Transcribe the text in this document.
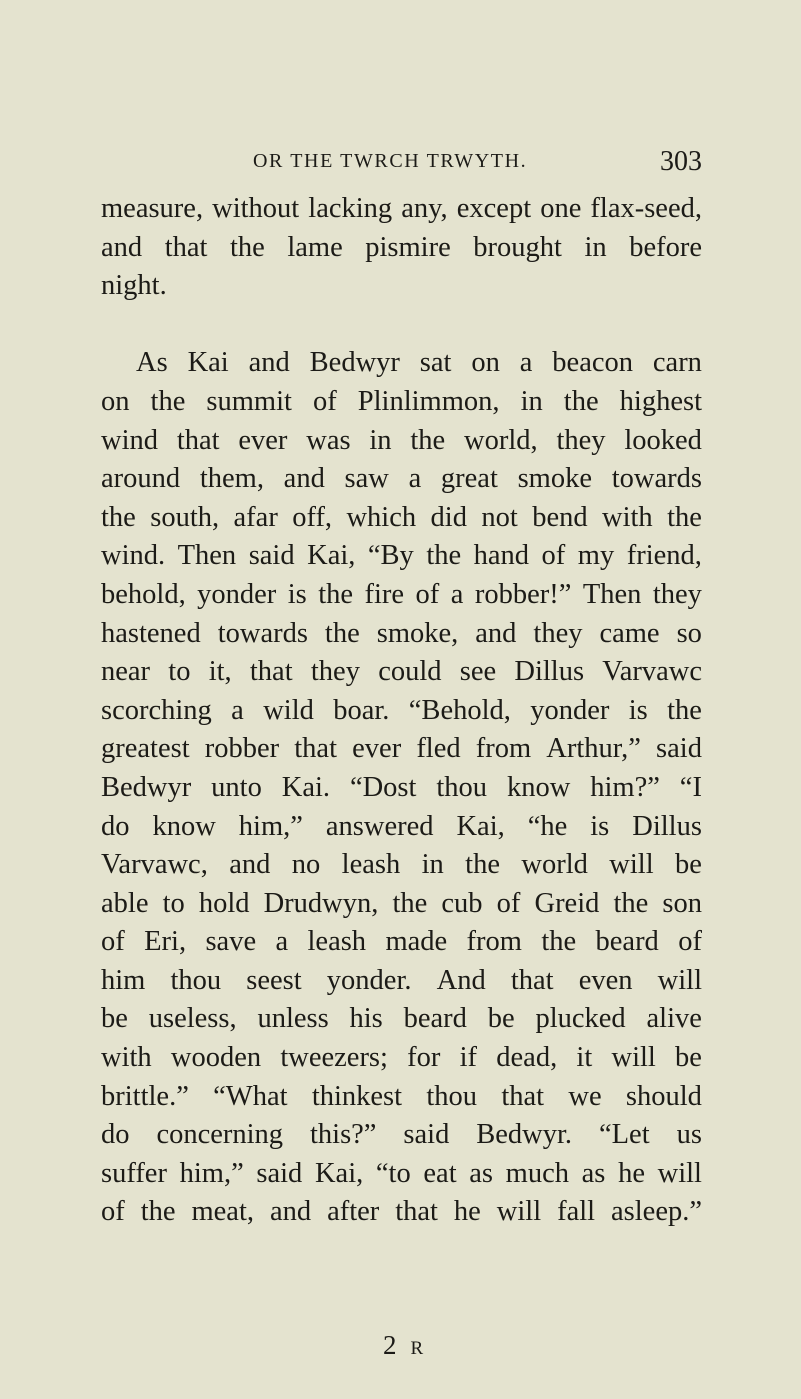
OR THE TWRCH TRWYTH.	303
measure, without lacking any, except one flax-seed,
and that the lame pismire brought in before
night.
As Kai and Bedwyr sat on a beacon carn
on the summit of Plinlimmon, in the highest
wind that ever was in the world, they looked
around them, and saw a great smoke towards
the south, afar off, which did not bend with the
wind. Then said Kai, “By the hand of my friend,
behold, yonder is the fire of a robber!” Then they
hastened towards the smoke, and they came so
near to it, that they could see Dillus Varvawc
scorching a wild boar. “Behold, yonder is the
greatest robber that ever fled from Arthur,” said
Bedwyr unto Kai. “Dost thou know him?” “I
do know him,” answered Kai, “he is Dillus
Varvawc, and no leash in the world will be
able to hold Drudwyn, the cub of Greid the son
of Eri, save a leash made from the beard of
him thou seest yonder. And that even will
be useless, unless his beard be plucked alive
with wooden tweezers; for if dead, it will be
brittle.” “What thinkest thou that we should
do concerning this?” said Bedwyr. “Let us
suffer him,” said Kai, “to eat as much as he will
of the meat, and after that he will fall asleep.”
2 R
